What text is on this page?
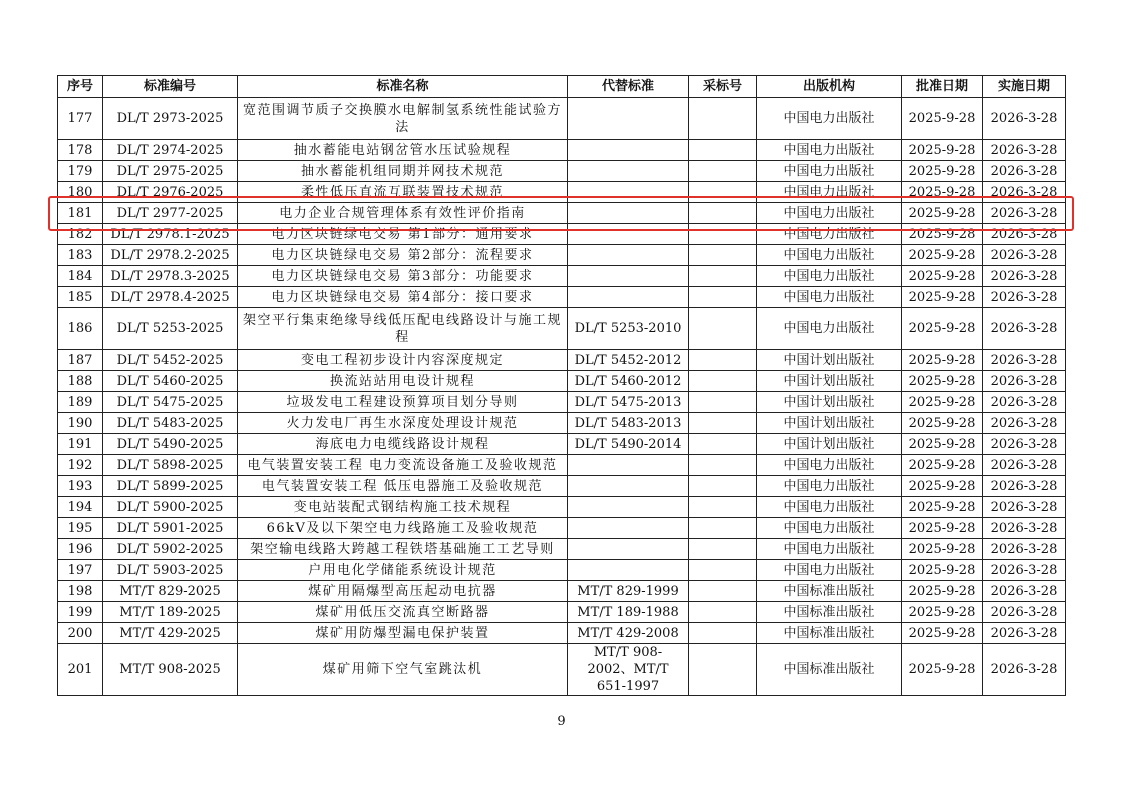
序号	标准编号	标准名称	代替标准	采标号	出版机构	批准日期	实施日期
177	DL/T 2973-2025	宽范围调节质子交换膜水电解制氢系统性能试验方法			中国电力出版社	2025-9-28	2026-3-28
178	DL/T 2974-2025	抽水蓄能电站钢岔管水压试验规程			中国电力出版社	2025-9-28	2026-3-28
179	DL/T 2975-2025	抽水蓄能机组同期并网技术规范			中国电力出版社	2025-9-28	2026-3-28
180	DL/T 2976-2025	柔性低压直流互联装置技术规范			中国电力出版社	2025-9-28	2026-3-28
181	DL/T 2977-2025	电力企业合规管理体系有效性评价指南			中国电力出版社	2025-9-28	2026-3-28
182	DL/T 2978.1-2025	电力区块链绿电交易 第1部分：通用要求			中国电力出版社	2025-9-28	2026-3-28
183	DL/T 2978.2-2025	电力区块链绿电交易 第2部分：流程要求			中国电力出版社	2025-9-28	2026-3-28
184	DL/T 2978.3-2025	电力区块链绿电交易 第3部分：功能要求			中国电力出版社	2025-9-28	2026-3-28
185	DL/T 2978.4-2025	电力区块链绿电交易 第4部分：接口要求			中国电力出版社	2025-9-28	2026-3-28
186	DL/T 5253-2025	架空平行集束绝缘导线低压配电线路设计与施工规程	DL/T 5253-2010		中国电力出版社	2025-9-28	2026-3-28
187	DL/T 5452-2025	变电工程初步设计内容深度规定	DL/T 5452-2012		中国计划出版社	2025-9-28	2026-3-28
188	DL/T 5460-2025	换流站站用电设计规程	DL/T 5460-2012		中国计划出版社	2025-9-28	2026-3-28
189	DL/T 5475-2025	垃圾发电工程建设预算项目划分导则	DL/T 5475-2013		中国计划出版社	2025-9-28	2026-3-28
190	DL/T 5483-2025	火力发电厂再生水深度处理设计规范	DL/T 5483-2013		中国计划出版社	2025-9-28	2026-3-28
191	DL/T 5490-2025	海底电力电缆线路设计规程	DL/T 5490-2014		中国计划出版社	2025-9-28	2026-3-28
192	DL/T 5898-2025	电气装置安装工程 电力变流设备施工及验收规范			中国电力出版社	2025-9-28	2026-3-28
193	DL/T 5899-2025	电气装置安装工程 低压电器施工及验收规范			中国电力出版社	2025-9-28	2026-3-28
194	DL/T 5900-2025	变电站装配式钢结构施工技术规程			中国电力出版社	2025-9-28	2026-3-28
195	DL/T 5901-2025	66kV及以下架空电力线路施工及验收规范			中国电力出版社	2025-9-28	2026-3-28
196	DL/T 5902-2025	架空输电线路大跨越工程铁塔基础施工工艺导则			中国电力出版社	2025-9-28	2026-3-28
197	DL/T 5903-2025	户用电化学储能系统设计规范			中国电力出版社	2025-9-28	2026-3-28
198	MT/T 829-2025	煤矿用隔爆型高压起动电抗器	MT/T 829-1999		中国标准出版社	2025-9-28	2026-3-28
199	MT/T 189-2025	煤矿用低压交流真空断路器	MT/T 189-1988		中国标准出版社	2025-9-28	2026-3-28
200	MT/T 429-2025	煤矿用防爆型漏电保护装置	MT/T 429-2008		中国标准出版社	2025-9-28	2026-3-28
201	MT/T 908-2025	煤矿用筛下空气室跳汰机	MT/T 908-2002、MT/T 651-1997		中国标准出版社	2025-9-28	2026-3-28
9
